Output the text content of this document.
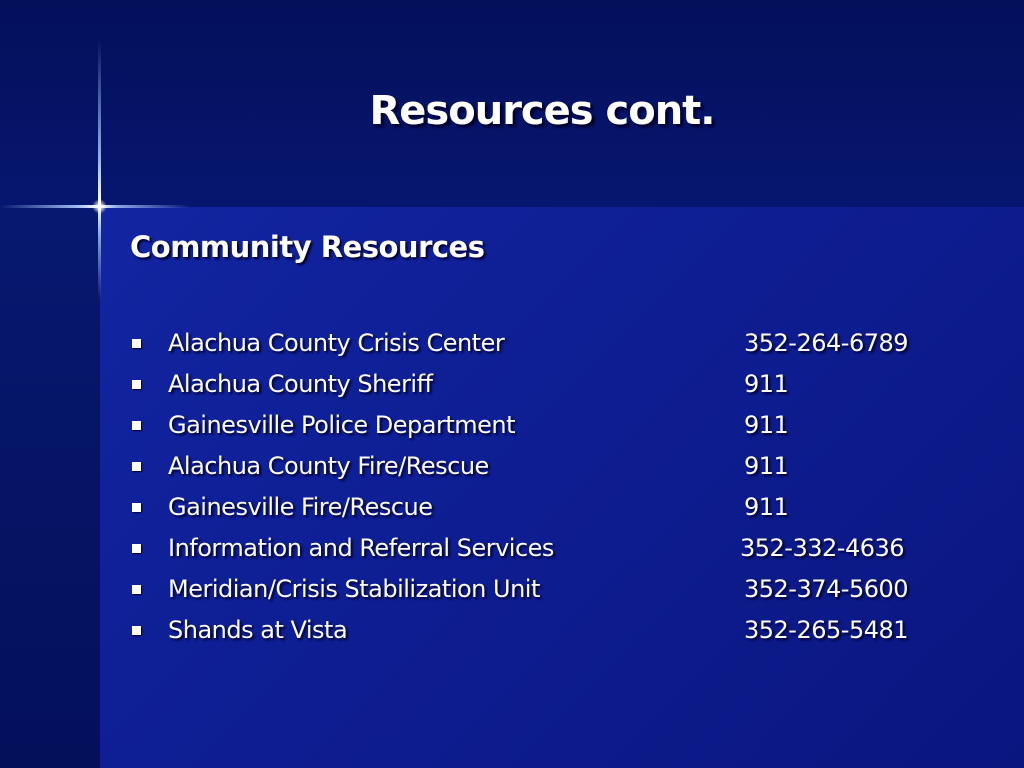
Resources cont.
Community Resources
Alachua County Crisis Center	352-264-6789
Alachua County Sheriff	911
Gainesville Police Department	911
Alachua County Fire/Rescue	911
Gainesville Fire/Rescue	911
Information and Referral Services	352-332-4636
Meridian/Crisis Stabilization Unit	352-374-5600
Shands at Vista	352-265-5481
